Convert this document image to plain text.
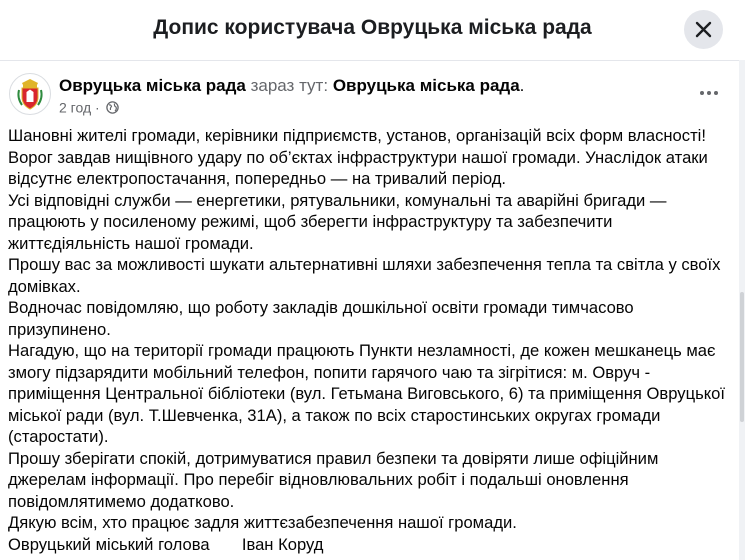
Допис користувача Овруцька міська рада
Овруцька міська рада зараз тут: Овруцька міська рада.
2 год ·
Шановні жителі громади, керівники підприємств, установ, організацій всіх форм власності!
Ворог завдав нищівного удару по об’єктах інфраструктури нашої громади. Унаслідок атаки відсутнє електропостачання, попередньо — на тривалий період.
Усі відповідні служби — енергетики, рятувальники, комунальні та аварійні бригади — працюють у посиленому режимі, щоб зберегти інфраструктуру та забезпечити життєдіяльність нашої громади.
Прошу вас за можливості шукати альтернативні шляхи забезпечення тепла та світла у своїх домівках.
Водночас повідомляю, що роботу закладів дошкільної освіти громади тимчасово призупинено.
Нагадую, що на території громади працюють Пункти незламності, де кожен мешканець має змогу підзарядити мобільний телефон, попити гарячого чаю та зігрітися: м. Овруч - приміщення Центральної бібліотеки (вул. Гетьмана Виговського, 6) та приміщення Овруцької міської ради (вул. Т.Шевченка, 31А), а також по всіх старостинських округах громади (старостати).
Прошу зберігати спокій, дотримуватися правил безпеки та довіряти лише офіційним джерелам інформації. Про перебіг відновлювальних робіт і подальші оновлення повідомлятимемо додатково.
Дякую всім, хто працює задля життєзабезпечення нашої громади.
Овруцький міський голова       Іван Коруд
